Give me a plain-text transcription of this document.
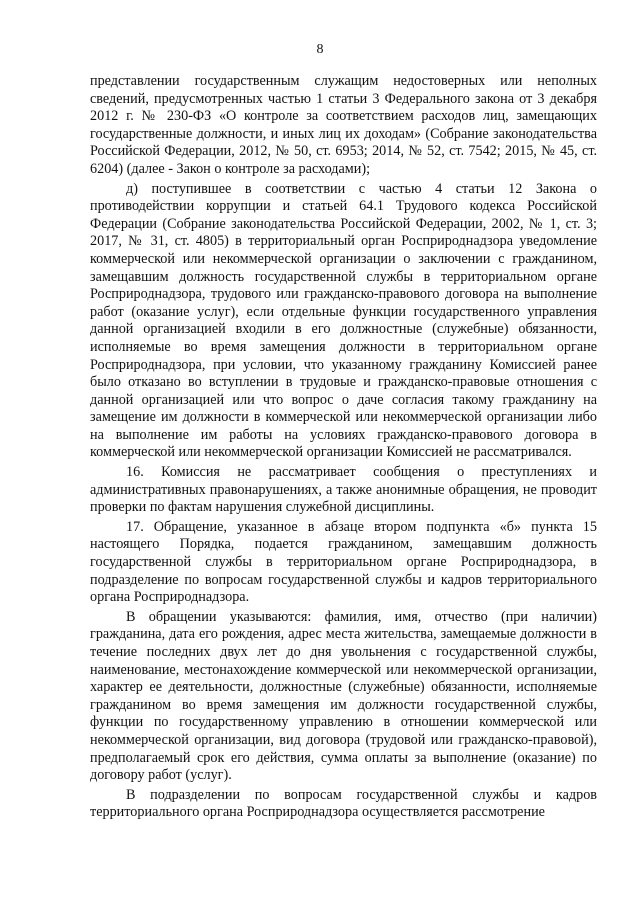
8

представлении государственным служащим недостоверных или неполных сведений, предусмотренных частью 1 статьи 3 Федерального закона от 3 декабря 2012 г. № 230-ФЗ «О контроле за соответствием расходов лиц, замещающих государственные должности, и иных лиц их доходам» (Собрание законодательства Российской Федерации, 2012, № 50, ст. 6953; 2014, № 52, ст. 7542; 2015, № 45, ст. 6204) (далее - Закон о контроле за расходами);

д) поступившее в соответствии с частью 4 статьи 12 Закона о противодействии коррупции и статьей 64.1 Трудового кодекса Российской Федерации (Собрание законодательства Российской Федерации, 2002, № 1, ст. 3; 2017, № 31, ст. 4805) в территориальный орган Росприроднадзора уведомление коммерческой или некоммерческой организации о заключении с гражданином, замещавшим должность государственной службы в территориальном органе Росприроднадзора, трудового или гражданско-правового договора на выполнение работ (оказание услуг), если отдельные функции государственного управления данной организацией входили в его должностные (служебные) обязанности, исполняемые во время замещения должности в территориальном органе Росприроднадзора, при условии, что указанному гражданину Комиссией ранее было отказано во вступлении в трудовые и гражданско-правовые отношения с данной организацией или что вопрос о даче согласия такому гражданину на замещение им должности в коммерческой или некоммерческой организации либо на выполнение им работы на условиях гражданско-правового договора в коммерческой или некоммерческой организации Комиссией не рассматривался.

16. Комиссия не рассматривает сообщения о преступлениях и административных правонарушениях, а также анонимные обращения, не проводит проверки по фактам нарушения служебной дисциплины.

17. Обращение, указанное в абзаце втором подпункта «б» пункта 15 настоящего Порядка, подается гражданином, замещавшим должность государственной службы в территориальном органе Росприроднадзора, в подразделение по вопросам государственной службы и кадров территориального органа Росприроднадзора.

В обращении указываются: фамилия, имя, отчество (при наличии) гражданина, дата его рождения, адрес места жительства, замещаемые должности в течение последних двух лет до дня увольнения с государственной службы, наименование, местонахождение коммерческой или некоммерческой организации, характер ее деятельности, должностные (служебные) обязанности, исполняемые гражданином во время замещения им должности государственной службы, функции по государственному управлению в отношении коммерческой или некоммерческой организации, вид договора (трудовой или гражданско-правовой), предполагаемый срок его действия, сумма оплаты за выполнение (оказание) по договору работ (услуг).

В подразделении по вопросам государственной службы и кадров территориального органа Росприроднадзора осуществляется рассмотрение
